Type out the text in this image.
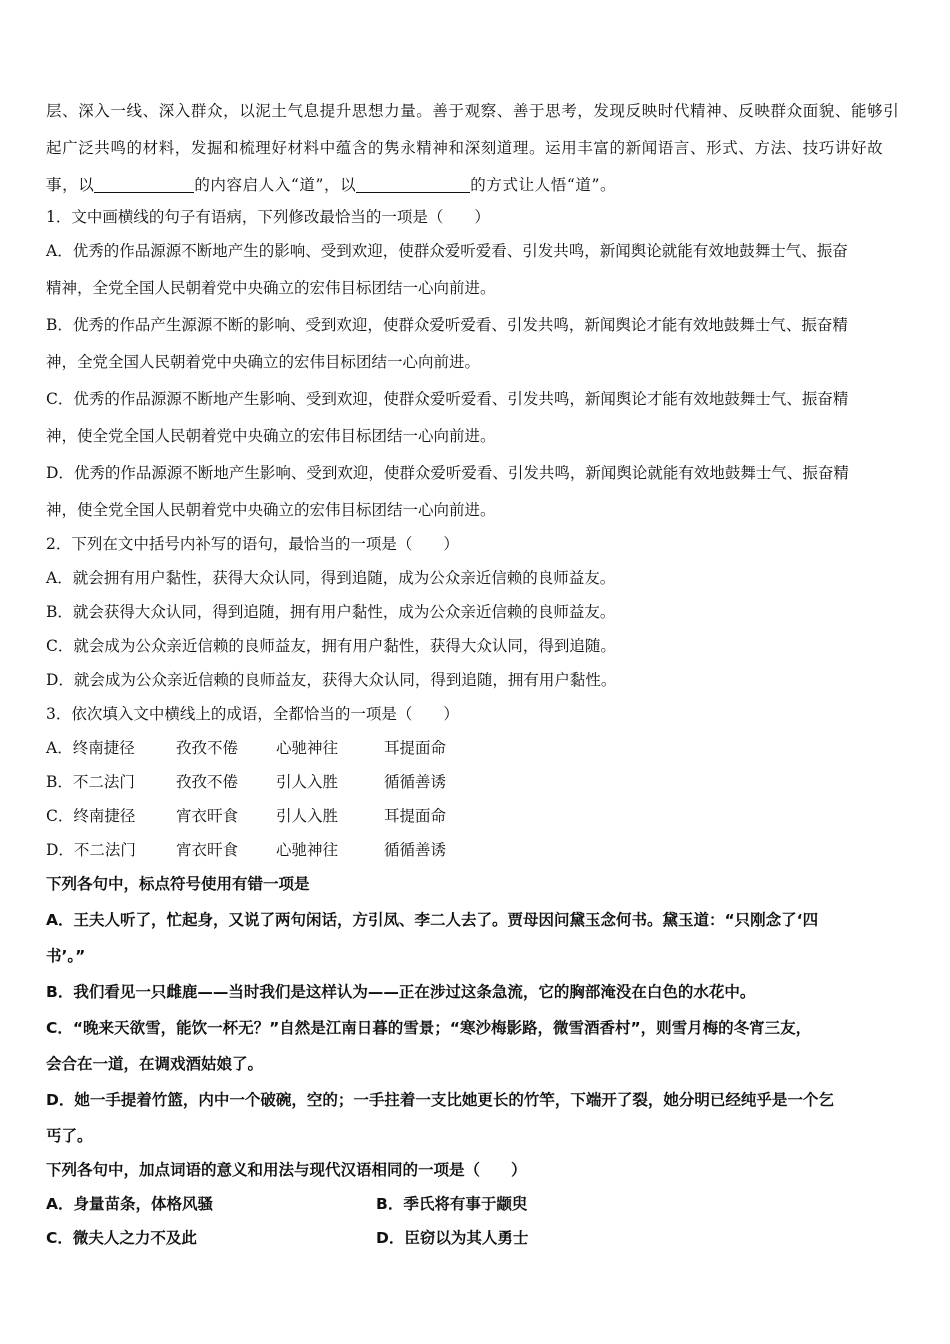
层、深入一线、深入群众，以泥土气息提升思想力量。善于观察、善于思考，发现反映时代精神、反映群众面貌、能够引
起广泛共鸣的材料，发掘和梳理好材料中蕴含的隽永精神和深刻道理。运用丰富的新闻语言、形式、方法、技巧讲好故
事，以	的内容启人入“道”，以	的方式让人悟“道”。
1．文中画横线的句子有语病，下列修改最恰当的一项是（　　）
A．优秀的作品源源不断地产生的影响、受到欢迎，使群众爱听爱看、引发共鸣，新闻舆论就能有效地鼓舞士气、振奋
精神，全党全国人民朝着党中央确立的宏伟目标团结一心向前进。
B．优秀的作品产生源源不断的影响、受到欢迎，使群众爱听爱看、引发共鸣，新闻舆论才能有效地鼓舞士气、振奋精
神，全党全国人民朝着党中央确立的宏伟目标团结一心向前进。
C．优秀的作品源源不断地产生影响、受到欢迎，使群众爱听爱看、引发共鸣，新闻舆论才能有效地鼓舞士气、振奋精
神，使全党全国人民朝着党中央确立的宏伟目标团结一心向前进。
D．优秀的作品源源不断地产生影响、受到欢迎，使群众爱听爱看、引发共鸣，新闻舆论就能有效地鼓舞士气、振奋精
神，使全党全国人民朝着党中央确立的宏伟目标团结一心向前进。
2．下列在文中括号内补写的语句，最恰当的一项是（　　）
A．就会拥有用户黏性，获得大众认同，得到追随，成为公众亲近信赖的良师益友。
B．就会获得大众认同，得到追随，拥有用户黏性，成为公众亲近信赖的良师益友。
C．就会成为公众亲近信赖的良师益友，拥有用户黏性，获得大众认同，得到追随。
D．就会成为公众亲近信赖的良师益友，获得大众认同，得到追随，拥有用户黏性。
3．依次填入文中横线上的成语，全都恰当的一项是（　　）
A．终南捷径	孜孜不倦 心驰神往	耳提面命
B．不二法门	孜孜不倦 引人入胜	循循善诱
C．终南捷径	宵衣旰食 引人入胜	耳提面命
D．不二法门	宵衣旰食 心驰神往	循循善诱
下列各句中，标点符号使用有错一项是
A．王夫人听了，忙起身，又说了两句闲话，方引凤、李二人去了。贾母因问黛玉念何书。黛玉道：“只刚念了‘四
书’。”
B．我们看见一只雌鹿——当时我们是这样认为——正在涉过这条急流，它的胸部淹没在白色的水花中。
C．“晚来天欲雪，能饮一杯无？”自然是江南日暮的雪景；“寒沙梅影路，微雪酒香村”，则雪月梅的冬宵三友，
会合在一道，在调戏酒姑娘了。
D．她一手提着竹篮，内中一个破碗，空的；一手拄着一支比她更长的竹竿，下端开了裂，她分明已经纯乎是一个乞
丐了。
下列各句中，加点词语的意义和用法与现代汉语相同的一项是（　　）
A．身量苗条，体格风骚	B．季氏将有事于颛臾
C．微夫人之力不及此	D．臣窃以为其人勇士
